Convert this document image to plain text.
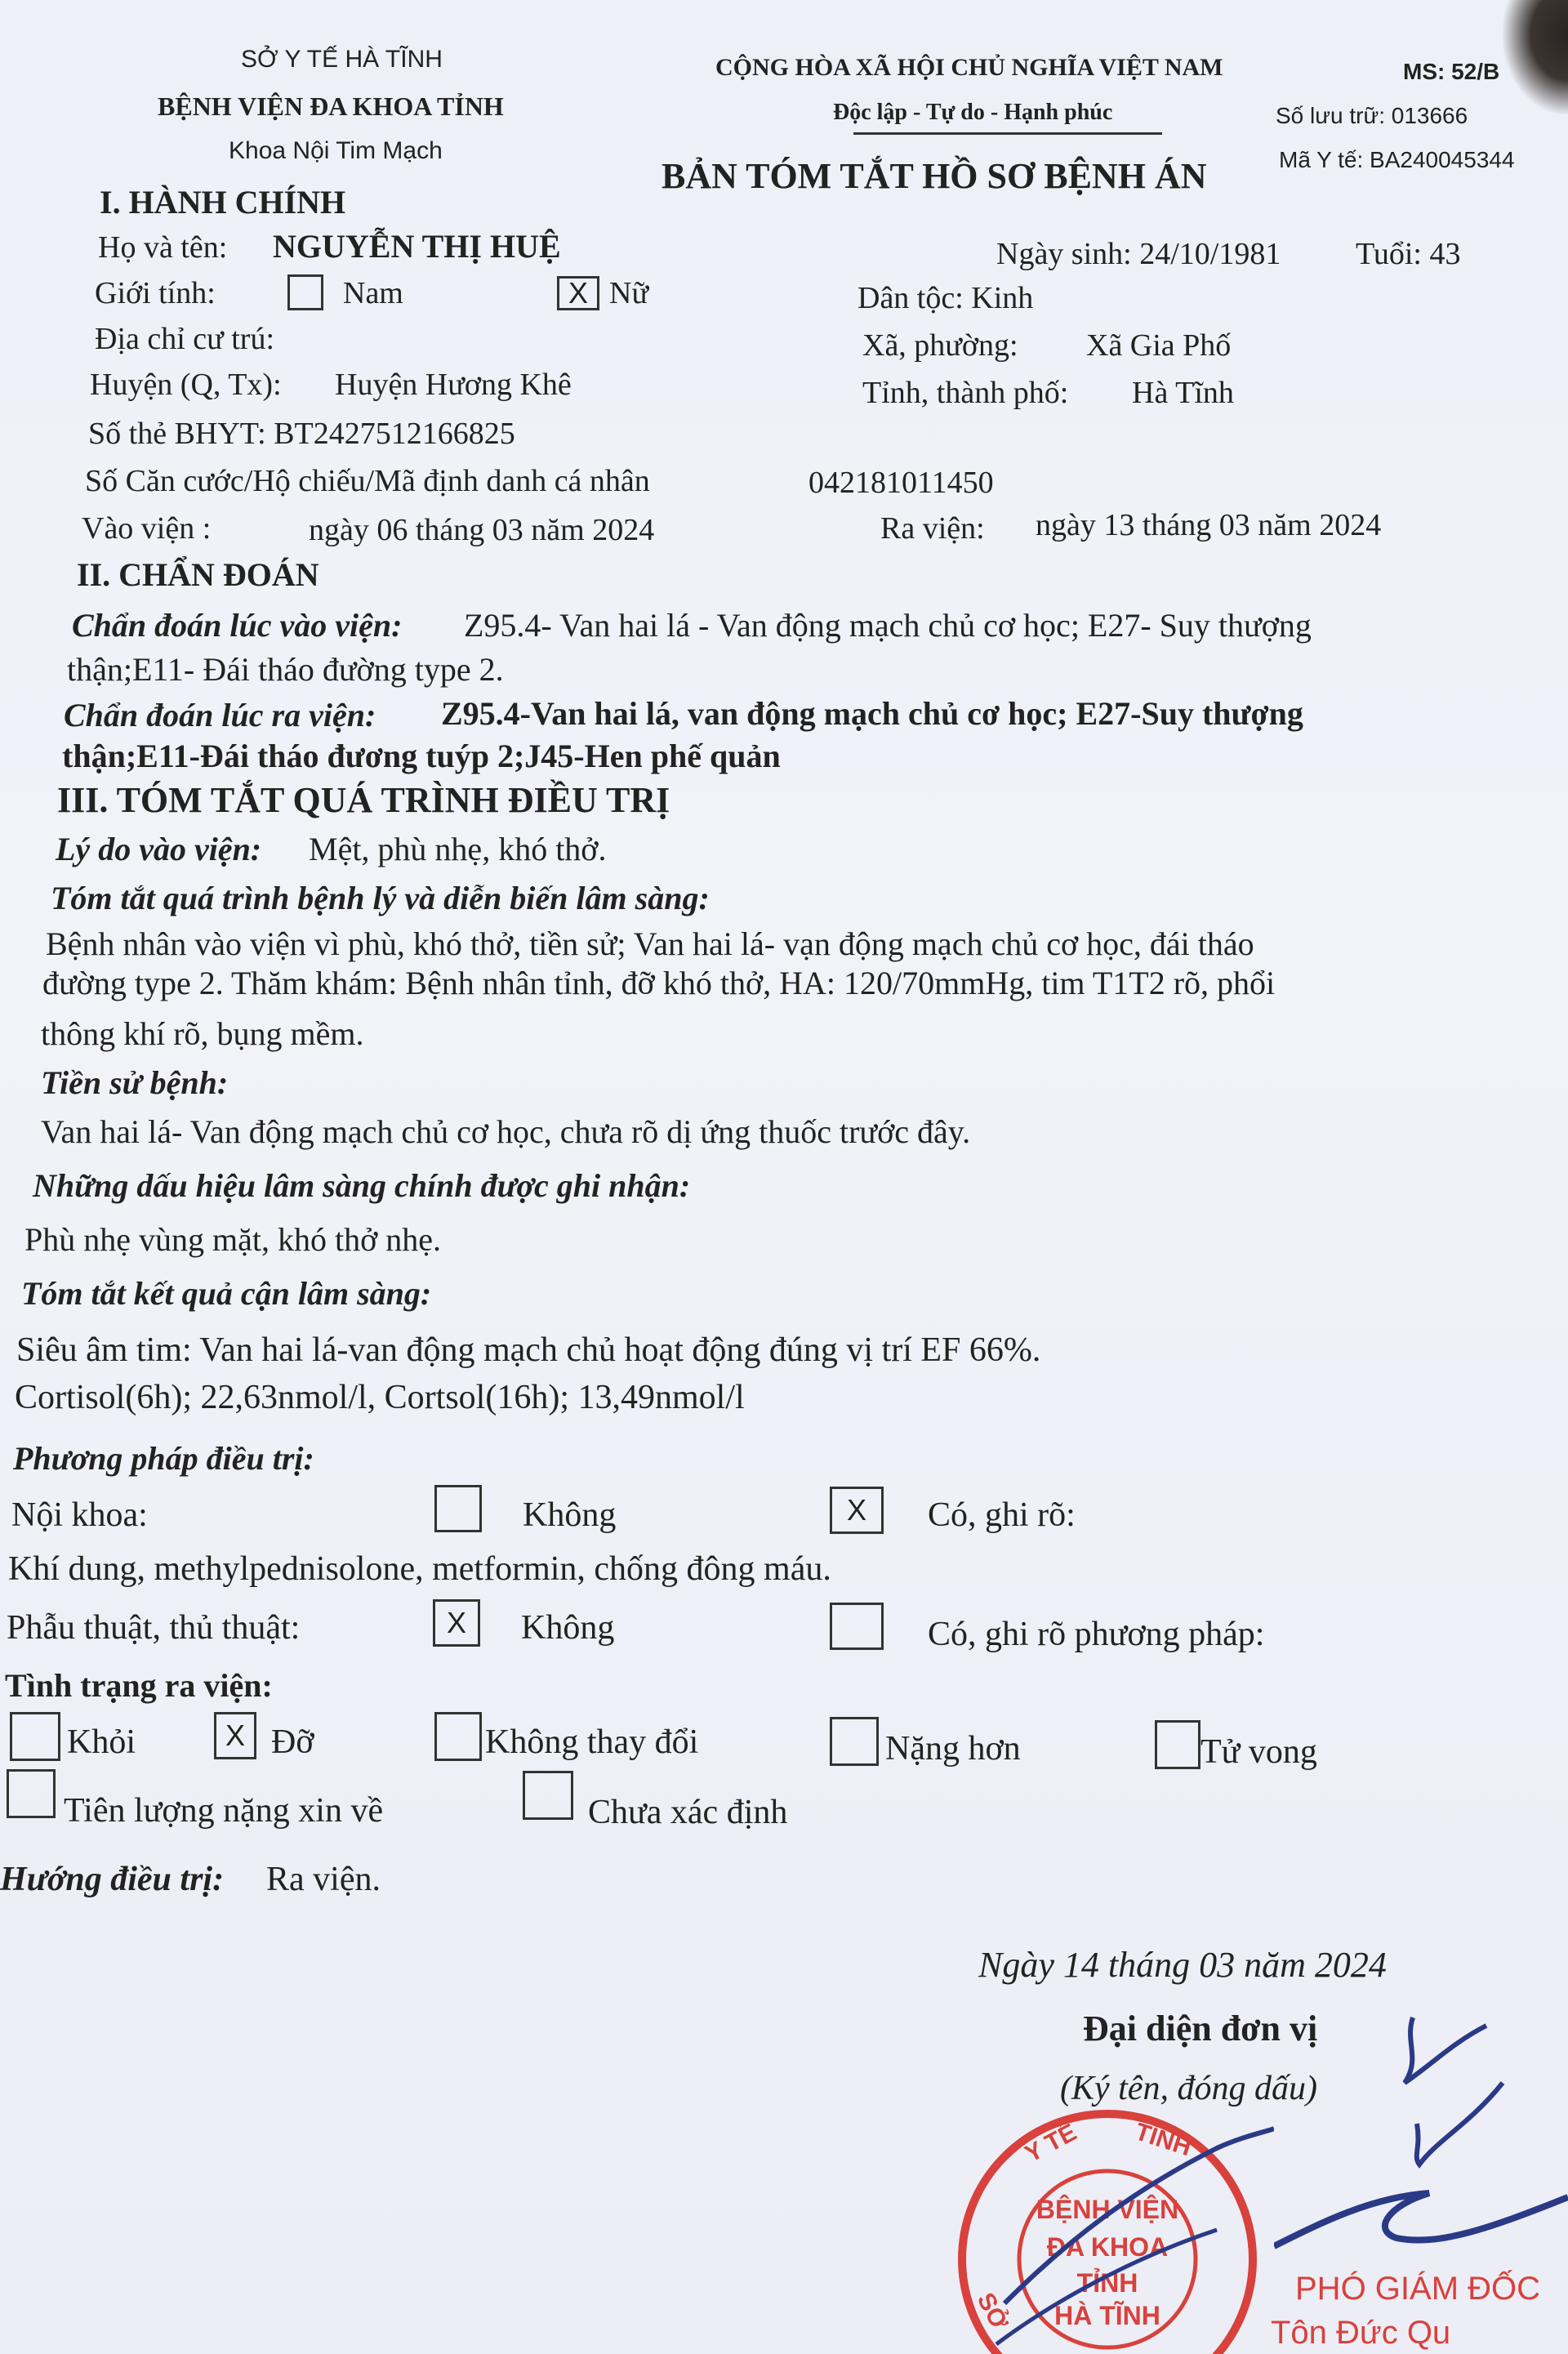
SỞ Y TẾ HÀ TĨNH
BỆNH VIỆN ĐA KHOA TỈNH
Khoa Nội Tim Mạch
CỘNG HÒA XÃ HỘI CHỦ NGHĨA VIỆT NAM
Độc lập - Tự do - Hạnh phúc
BẢN TÓM TẮT HỒ SƠ BỆNH ÁN
MS: 52/B
Số lưu trữ: 013666
Mã Y tế: BA240045344
I. HÀNH CHÍNH
Họ và tên: NGUYỄN THỊ HUỆ	Ngày sinh: 24/10/1981 Tuổi: 43
Giới tính:	Nam	X Nữ	Dân tộc: Kinh
Địa chỉ cư trú:	Xã, phường: Xã Gia Phố
Huyện (Q, Tx): Huyện Hương Khê	Tỉnh, thành phố: Hà Tĩnh
Số thẻ BHYT: BT2427512166825
Số Căn cước/Hộ chiếu/Mã định danh cá nhân	042181011450
Vào viện :	ngày 06 tháng 03 năm 2024	Ra viện: ngày 13 tháng 03 năm 2024
II. CHẨN ĐOÁN
Chẩn đoán lúc vào viện: Z95.4- Van hai lá - Van động mạch chủ cơ học; E27- Suy thượng
thận;E11- Đái tháo đường type 2.
Chẩn đoán lúc ra viện: Z95.4-Van hai lá, van động mạch chủ cơ học; E27-Suy thượng
thận;E11-Đái tháo đương tuýp 2;J45-Hen phế quản
III. TÓM TẮT QUÁ TRÌNH ĐIỀU TRỊ
Lý do vào viện: Mệt, phù nhẹ, khó thở.
Tóm tắt quá trình bệnh lý và diễn biến lâm sàng:
Bệnh nhân vào viện vì phù, khó thở, tiền sử; Van hai lá- vạn động mạch chủ cơ học, đái tháo
đường type 2. Thăm khám: Bệnh nhân tỉnh, đỡ khó thở, HA: 120/70mmHg, tim T1T2 rõ, phổi
thông khí rõ, bụng mềm.
Tiền sử bệnh:
Van hai lá- Van động mạch chủ cơ học, chưa rõ dị ứng thuốc trước đây.
Những dấu hiệu lâm sàng chính được ghi nhận:
Phù nhẹ vùng mặt, khó thở nhẹ.
Tóm tắt kết quả cận lâm sàng:
Siêu âm tim: Van hai lá-van động mạch chủ hoạt động đúng vị trí EF 66%.
Cortisol(6h); 22,63nmol/l, Cortsol(16h); 13,49nmol/l
Phương pháp điều trị:
Nội khoa:	Không	X	Có, ghi rõ:
Khí dung, methylpednisolone, metformin, chống đông máu.
Phẫu thuật, thủ thuật:	X	Không	Có, ghi rõ phương pháp:
Tình trạng ra viện:
Khỏi	X Đỡ	Không thay đổi	Nặng hơn	Tử vong
Tiên lượng nặng xin về	Chưa xác định
Hướng điều trị: Ra viện.
Ngày 14 tháng 03 năm 2024
Đại diện đơn vị
(Ký tên, đóng dấu)
Y TẾ TỈNH
BỆNH VIỆN
ĐA KHOA
TỈNH
HÀ TĨNH
SỞ	PHÓ GIÁM ĐỐC
Tôn Đức Qu
